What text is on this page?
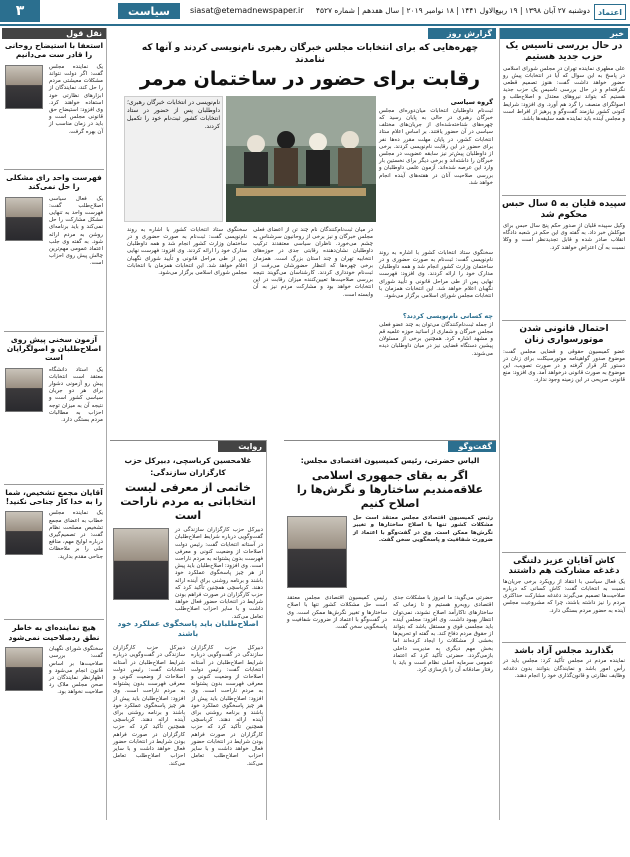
اعتماد
دوشنبه ۲۷ آبان ۱۳۹۸ | ۱۹ ربیع‌الاول ۱۴۴۱ | ۱۸ نوامبر ۲۰۱۹ | سال هفدهم | شماره ۴۵۲۷
siasat@etemadnewspaper.ir
سیاست
۳
خبر
در حال بررسی تاسیس یک حزب جدید هستیم
علی مطهری نماینده تهران در مجلس شورای اسلامی در پاسخ به این سوال که آیا در انتخابات پیش رو حضور خواهد داشت گفت: هنوز تصمیم قطعی نگرفته‌ام و در حال بررسی تاسیس یک حزب جدید هستیم که بتواند نیروهای معتدل و اصلاح‌طلب و اصولگرای منصف را گرد هم آورد. وی افزود: شرایط کنونی کشور نیازمند گفت‌وگو و پرهیز از افراط است و مجلس آینده باید نماینده همه سلیقه‌ها باشد.
سپیده قلیان به ۵ سال حبس محکوم شد
وکیل سپیده قلیان از صدور حکم پنج سال حبس برای موکلش خبر داد. به گفته وی این حکم در شعبه دادگاه انقلاب صادر شده و قابل تجدیدنظر است و وکلا نسبت به آن اعتراض خواهند کرد.
احتمال قانونی شدن موتورسواری زنان
عضو کمیسیون حقوقی و قضایی مجلس گفت: موضوع صدور گواهینامه موتورسیکلت برای زنان در دستور کار قرار گرفته و در صورت تصویب، این موضوع به صورت قانونی درخواهد آمد. وی افزود: منع قانونی صریحی در این زمینه وجود ندارد.
کاش آقایان عزیز دلتنگی دغدغه مشارکت هم داشتند
یک فعال سیاسی با انتقاد از رویکرد برخی جریان‌ها نسبت به انتخابات گفت: کاش کسانی که درباره صلاحیت‌ها تصمیم می‌گیرند دغدغه مشارکت حداکثری مردم را نیز داشته باشند، چرا که مشروعیت مجلس آینده به حضور مردم بستگی دارد.
بگذارید مجلس آزاد باشد
نماینده مردم در مجلس تأکید کرد: مجلس باید در رأس امور باشد و نمایندگان بتوانند بدون دغدغه وظایف نظارتی و قانون‌گذاری خود را انجام دهند.
گزارش روز
چهره‌هایی که برای انتخابات مجلس خبرگان رهبری نام‌نویسی کردند و آنها که ننامدند
رقابت برای حضور در ساختمان مرمر
گروه سیاسی
ثبت‌نام داوطلبان انتخابات میان‌دوره‌ای مجلس خبرگان رهبری در حالی به پایان رسید که چهره‌های شناخته‌شده‌ای از جریان‌های مختلف سیاسی در آن حضور یافتند. بر اساس اعلام ستاد انتخابات کشور، در پایان مهلت مقرر ده‌ها نفر برای حضور در این رقابت نام‌نویسی کردند. برخی از داوطلبان پیش‌تر نیز سابقه عضویت در مجلس خبرگان را داشته‌اند و برخی دیگر برای نخستین بار وارد این عرصه شده‌اند. آزمون علمی داوطلبان و بررسی صلاحیت آنان در هفته‌های آینده انجام خواهد شد.
سخنگوی ستاد انتخابات کشور با اشاره به روند نام‌نویسی گفت: ثبت‌نام به صورت حضوری و در ساختمان وزارت کشور انجام شد و همه داوطلبان مدارک خود را ارائه کردند. وی افزود: فهرست نهایی پس از طی مراحل قانونی و تأیید شورای نگهبان اعلام خواهد شد. این انتخابات همزمان با انتخابات مجلس شورای اسلامی برگزار می‌شود.
چه کسانی نام‌نویسی کردند؟
از جمله ثبت‌نام‌کنندگان می‌توان به چند عضو فعلی مجلس خبرگان و شماری از اساتید حوزه علمیه قم و مشهد اشاره کرد. همچنین برخی از مسئولان پیشین دستگاه قضایی نیز در میان داوطلبان دیده می‌شوند.
نام‌نویسی در انتخابات خبرگان رهبری؛ داوطلبان پس از حضور در ستاد انتخابات کشور ثبت‌نام خود را تکمیل کردند.
در میان ثبت‌نام‌کنندگان نام چند تن از اعضای فعلی مجلس خبرگان و نیز برخی از روحانیون سرشناس به چشم می‌خورد. ناظران سیاسی معتقدند ترکیب داوطلبان نشان‌دهنده رقابتی جدی در حوزه‌های انتخابیه تهران و چند استان بزرگ است. همزمان برخی چهره‌ها که انتظار حضورشان می‌رفت از ثبت‌نام خودداری کردند. کارشناسان می‌گویند نتیجه بررسی صلاحیت‌ها تعیین‌کننده میزان رقابت در این انتخابات خواهد بود و مشارکت مردم نیز به آن وابسته است.
سخنگوی ستاد انتخابات کشور با اشاره به روند نام‌نویسی گفت: ثبت‌نام به صورت حضوری و در ساختمان وزارت کشور انجام شد و همه داوطلبان مدارک خود را ارائه کردند. وی افزود: فهرست نهایی پس از طی مراحل قانونی و تأیید شورای نگهبان اعلام خواهد شد. این انتخابات همزمان با انتخابات مجلس شورای اسلامی برگزار می‌شود.
نقل قول
استعفا با استیضاح روحانی را قادر ست می‌دانیم
یک نماینده مجلس گفت: اگر دولت نتواند مشکلات معیشتی مردم را حل کند، نمایندگان از ابزارهای نظارتی خود استفاده خواهند کرد. وی افزود: استیضاح حق قانونی مجلس است و باید در زمان مناسب از آن بهره گرفت.
فهرست واحد رای مشکلی را حل نمی‌کند
یک فعال سیاسی اصلاح‌طلب گفت: فهرست واحد به تنهایی مشکل مشارکت را حل نمی‌کند و باید برنامه‌ای روشن به مردم ارائه شود. به گفته وی جلب اعتماد عمومی مهم‌ترین چالش پیش روی احزاب است.
آزمون سخنی پیش روی اصلاح‌طلبان و اصولگرایان است
یک استاد دانشگاه معتقد است انتخابات پیش رو آزمونی دشوار برای هر دو جریان سیاسی کشور است و نتیجه آن به میزان توجه احزاب به مطالبات مردم بستگی دارد.
آقایان مجمع تشخیص، شما را به خدا کار جناحی نکنید!
یک نماینده مجلس خطاب به اعضای مجمع تشخیص مصلحت نظام گفت: در تصمیم‌گیری درباره لوایح مهم، منافع ملی را بر ملاحظات جناحی مقدم بدارید.
هیچ نماینده‌ای به خاطر نطق ردصلاحیت نمی‌شود
سخنگوی شورای نگهبان گفت: بررسی صلاحیت‌ها بر اساس قانون انجام می‌شود و اظهارنظر نمایندگان در صحن مجلس ملاک رد صلاحیت نخواهد بود.
گفت‌وگو
الیاس حضرتی، رئیس کمیسیون اقتصادی مجلس:
اگر به بقای جمهوری اسلامی علاقه‌مندیم ساختارها و نگرش‌ها را اصلاح کنیم
رئیس کمیسیون اقتصادی مجلس معتقد است حل مشکلات کشور تنها با اصلاح ساختارها و تغییر نگرش‌ها ممکن است. وی در گفت‌وگو با اعتماد از ضرورت شفافیت و پاسخگویی سخن گفت.
حضرتی می‌گوید: ما امروز با مشکلات جدی اقتصادی روبه‌رو هستیم و تا زمانی که ساختارهای ناکارآمد اصلاح نشوند، نمی‌توان انتظار بهبود داشت. وی افزود: مجلس آینده باید مجلسی قوی و مستقل باشد که بتواند از حقوق مردم دفاع کند. به گفته او تحریم‌ها بخشی از مشکلات را ایجاد کرده‌اند اما بخش مهم دیگری به مدیریت داخلی بازمی‌گردد. حضرتی تأکید کرد که اعتماد عمومی سرمایه اصلی نظام است و باید با رفتار صادقانه آن را بازسازی کرد.
رئیس کمیسیون اقتصادی مجلس معتقد است حل مشکلات کشور تنها با اصلاح ساختارها و تغییر نگرش‌ها ممکن است. وی در گفت‌وگو با اعتماد از ضرورت شفافیت و پاسخگویی سخن گفت.
روایت
غلامحسین کرباسچی، دبیرکل حزب کارگزاران سازندگی:
خاتمی از معرفی لیست انتخاباتی به مردم ناراحت است
دبیرکل حزب کارگزاران سازندگی در گفت‌وگویی درباره شرایط اصلاح‌طلبان در آستانه انتخابات گفت: رئیس دولت اصلاحات از وضعیت کنونی و معرفی فهرست بدون پشتوانه به مردم ناراحت است. وی افزود: اصلاح‌طلبان باید پیش از هر چیز پاسخگوی عملکرد خود باشند و برنامه روشنی برای آینده ارائه دهند. کرباسچی همچنین تأکید کرد که حزب کارگزاران در صورت فراهم بودن شرایط در انتخابات حضور فعال خواهد داشت و با سایر احزاب اصلاح‌طلب تعامل می‌کند.
اصلاح‌طلبان باید پاسخگوی عملکرد خود باشند
دبیرکل حزب کارگزاران سازندگی در گفت‌وگویی درباره شرایط اصلاح‌طلبان در آستانه انتخابات گفت: رئیس دولت اصلاحات از وضعیت کنونی و معرفی فهرست بدون پشتوانه به مردم ناراحت است. وی افزود: اصلاح‌طلبان باید پیش از هر چیز پاسخگوی عملکرد خود باشند و برنامه روشنی برای آینده ارائه دهند. کرباسچی همچنین تأکید کرد که حزب کارگزاران در صورت فراهم بودن شرایط در انتخابات حضور فعال خواهد داشت و با سایر احزاب اصلاح‌طلب تعامل می‌کند.
دبیرکل حزب کارگزاران سازندگی در گفت‌وگویی درباره شرایط اصلاح‌طلبان در آستانه انتخابات گفت: رئیس دولت اصلاحات از وضعیت کنونی و معرفی فهرست بدون پشتوانه به مردم ناراحت است. وی افزود: اصلاح‌طلبان باید پیش از هر چیز پاسخگوی عملکرد خود باشند و برنامه روشنی برای آینده ارائه دهند. کرباسچی همچنین تأکید کرد که حزب کارگزاران در صورت فراهم بودن شرایط در انتخابات حضور فعال خواهد داشت و با سایر احزاب اصلاح‌طلب تعامل می‌کند.
